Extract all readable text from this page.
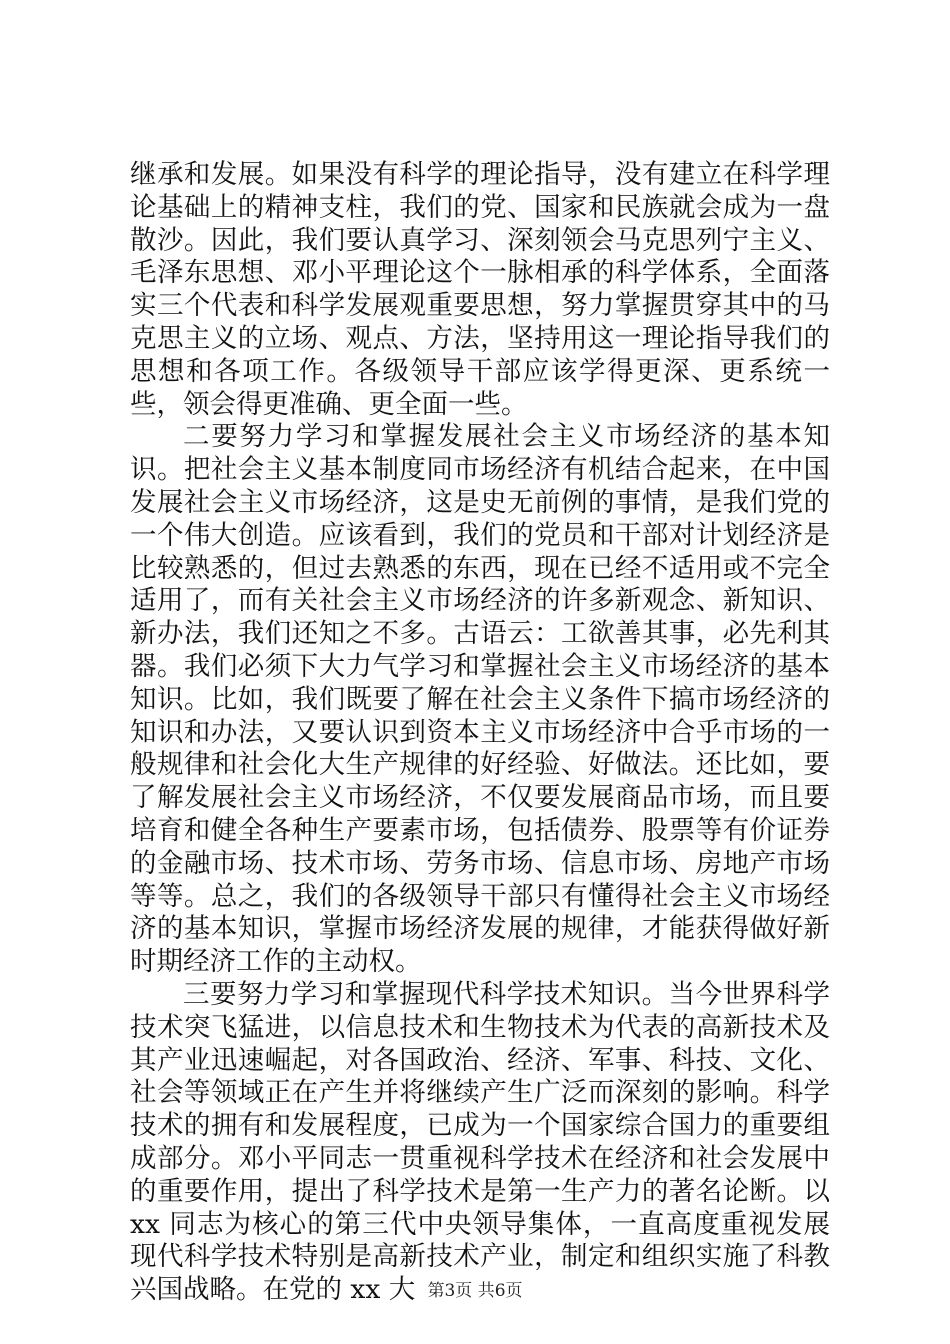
继承和发展。如果没有科学的理论指导，没有建立在科学理论基础上的精神支柱，我们的党、国家和民族就会成为一盘散沙。因此，我们要认真学习、深刻领会马克思列宁主义、毛泽东思想、邓小平理论这个一脉相承的科学体系，全面落实三个代表和科学发展观重要思想，努力掌握贯穿其中的马克思主义的立场、观点、方法，坚持用这一理论指导我们的思想和各项工作。各级领导干部应该学得更深、更系统一些，领会得更准确、更全面一些。

二要努力学习和掌握发展社会主义市场经济的基本知识。把社会主义基本制度同市场经济有机结合起来，在中国发展社会主义市场经济，这是史无前例的事情，是我们党的一个伟大创造。应该看到，我们的党员和干部对计划经济是比较熟悉的，但过去熟悉的东西，现在已经不适用或不完全适用了，而有关社会主义市场经济的许多新观念、新知识、新办法，我们还知之不多。古语云：工欲善其事，必先利其器。我们必须下大力气学习和掌握社会主义市场经济的基本知识。比如，我们既要了解在社会主义条件下搞市场经济的知识和办法，又要认识到资本主义市场经济中合乎市场的一般规律和社会化大生产规律的好经验、好做法。还比如，要了解发展社会主义市场经济，不仅要发展商品市场，而且要培育和健全各种生产要素市场，包括债券、股票等有价证券的金融市场、技术市场、劳务市场、信息市场、房地产市场等等。总之，我们的各级领导干部只有懂得社会主义市场经济的基本知识，掌握市场经济发展的规律，才能获得做好新时期经济工作的主动权。

三要努力学习和掌握现代科学技术知识。当今世界科学技术突飞猛进，以信息技术和生物技术为代表的高新技术及其产业迅速崛起，对各国政治、经济、军事、科技、文化、社会等领域正在产生并将继续产生广泛而深刻的影响。科学技术的拥有和发展程度，已成为一个国家综合国力的重要组成部分。邓小平同志一贯重视科学技术在经济和社会发展中的重要作用，提出了科学技术是第一生产力的著名论断。以 xx 同志为核心的第三代中央领导集体，一直高度重视发展现代科学技术特别是高新技术产业，制定和组织实施了科教兴国战略。在党的 xx 大 第3页 共6页
